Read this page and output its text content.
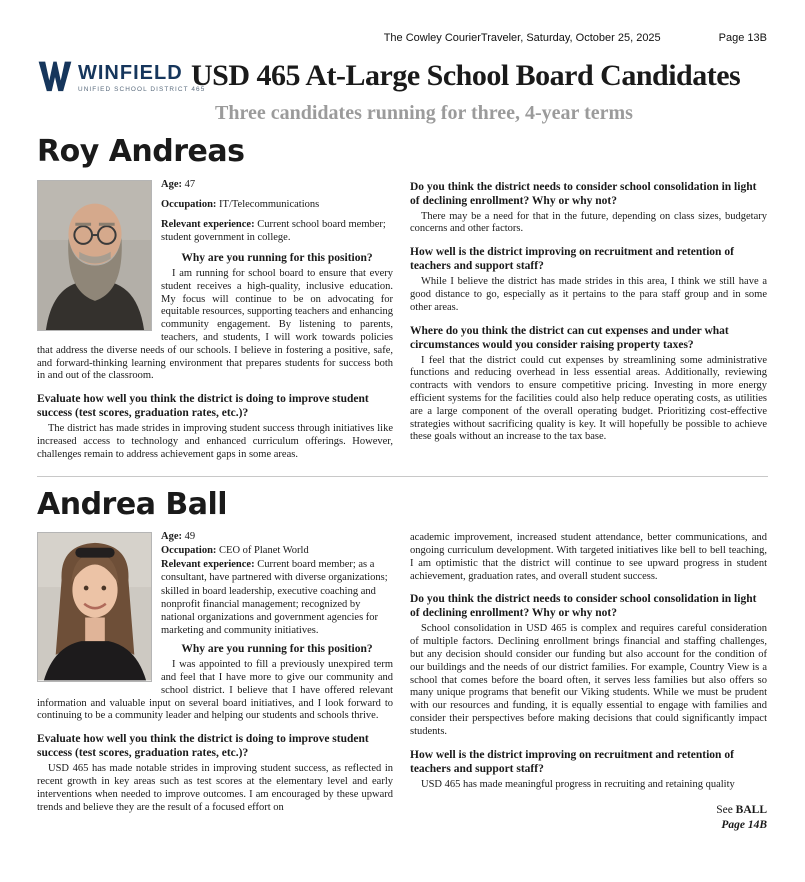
The Cowley CourierTraveler, Saturday, October 25, 2025	Page 13B
WINFIELD
UNIFIED SCHOOL DISTRICT 465
USD 465 At-Large School Board Candidates
Three candidates running for three, 4-year terms
Roy Andreas

Age: 47

Occupation: IT/Telecommunications

Relevant experience: Current school board member; student government in college.

Why are you running for this position?

I am running for school board to ensure that every student receives a high-quality, inclusive education. My focus will continue to be on advocating for equitable resources, supporting teachers and enhancing community engagement. By listening to parents, teachers, and students, I will work towards policies that address the diverse needs of our schools. I believe in fostering a positive, safe, and forward-thinking learning environment that prepares students for success both in and out of the classroom.

Evaluate how well you think the district is doing to improve student success (test scores, graduation rates, etc.)?

The district has made strides in improving student success through initiatives like increased access to technology and enhanced curriculum offerings. However, challenges remain to address achievement gaps in some areas.

Do you think the district needs to consider school consolidation in light of declining enrollment? Why or why not?

There may be a need for that in the future, depending on class sizes, budgetary concerns and other factors.

How well is the district improving on recruitment and retention of teachers and support staff?

While I believe the district has made strides in this area, I think we still have a good distance to go, especially as it pertains to the para staff group and in some other areas.

Where do you think the district can cut expenses and under what circumstances would you consider raising property taxes?

I feel that the district could cut expenses by streamlining some administrative functions and reducing overhead in less essential areas. Additionally, reviewing contracts with vendors to ensure competitive pricing. Investing in more energy efficient systems for the facilities could also help reduce operating costs, as utilities are a large component of the overall operating budget. Prioritizing cost-effective strategies without sacrificing quality is key. It will hopefully be possible to achieve these goals without an increase to the tax base.

Andrea Ball

Age: 49

Occupation: CEO of Planet World

Relevant experience: Current board member; as a consultant, have partnered with diverse organizations; skilled in board leadership, executive coaching and nonprofit financial management; recognized by national organizations and government agencies for marketing and community initiatives.

Why are you running for this position?

I was appointed to fill a previously unexpired term and feel that I have more to give our community and school district. I believe that I have offered relevant information and valuable input on several board initiatives, and I look forward to continuing to be a community leader and helping our students and schools thrive.

Evaluate how well you think the district is doing to improve student success (test scores, graduation rates, etc.)?

USD 465 has made notable strides in improving student success, as reflected in recent growth in key areas such as test scores at the elementary level and early interventions when needed to improve outcomes. I am encouraged by these upward trends and believe they are the result of a focused effort on

academic improvement, increased student attendance, better communications, and ongoing curriculum development. With targeted initiatives like bell to bell teaching, I am optimistic that the district will continue to see upward progress in student achievement, graduation rates, and overall student success.

Do you think the district needs to consider school consolidation in light of declining enrollment? Why or why not?

School consolidation in USD 465 is complex and requires careful consideration of multiple factors. Declining enrollment brings financial and staffing challenges, but any decision should consider our funding but also account for the condition of our buildings and the needs of our district families. For example, Country View is a school that comes before the board often, it serves less families but also offers so many unique programs that benefit our Viking students. While we must be prudent with our resources and funding, it is equally essential to engage with families and consider their perspectives before making decisions that could significantly impact students.

How well is the district improving on recruitment and retention of teachers and support staff?

USD 465 has made meaningful progress in recruiting and retaining quality

See BALL
Page 14B
